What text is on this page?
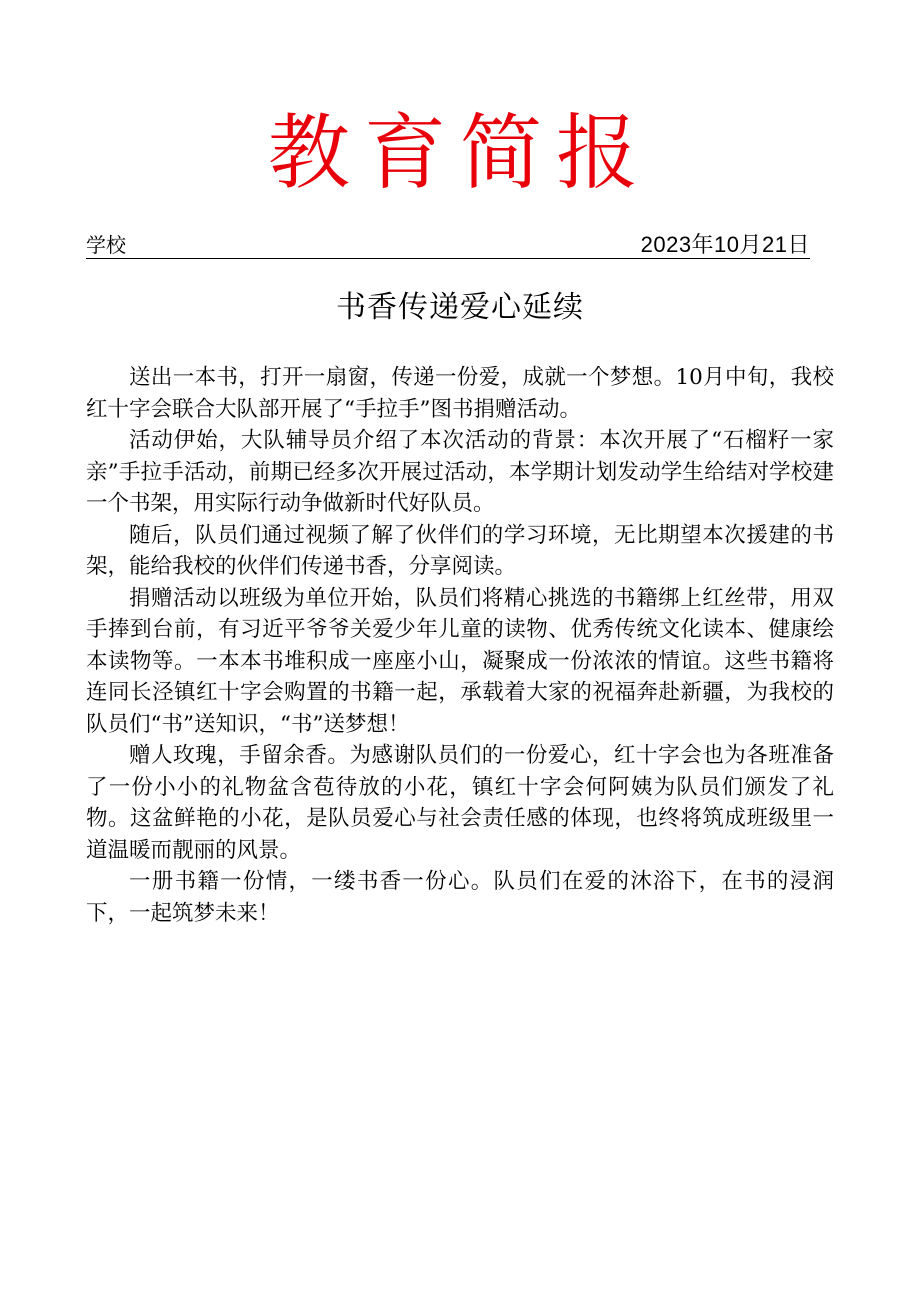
教育简报
学校	2023年10月21日
书香传递爱心延续

送出一本书，打开一扇窗，传递一份爱，成就一个梦想。10月中旬，我校红十字会联合大队部开展了“手拉手”图书捐赠活动。

活动伊始，大队辅导员介绍了本次活动的背景：本次开展了“石榴籽一家亲”手拉手活动，前期已经多次开展过活动，本学期计划发动学生给结对学校建一个书架，用实际行动争做新时代好队员。

随后，队员们通过视频了解了伙伴们的学习环境，无比期望本次援建的书架，能给我校的伙伴们传递书香，分享阅读。

捐赠活动以班级为单位开始，队员们将精心挑选的书籍绑上红丝带，用双手捧到台前，有习近平爷爷关爱少年儿童的读物、优秀传统文化读本、健康绘本读物等。一本本书堆积成一座座小山，凝聚成一份浓浓的情谊。这些书籍将连同长泾镇红十字会购置的书籍一起，承载着大家的祝福奔赴新疆，为我校的队员们“书”送知识，“书”送梦想！

赠人玫瑰，手留余香。为感谢队员们的一份爱心，红十字会也为各班准备了一份小小的礼物盆含苞待放的小花，镇红十字会何阿姨为队员们颁发了礼物。这盆鲜艳的小花，是队员爱心与社会责任感的体现，也终将筑成班级里一道温暖而靓丽的风景。

一册书籍一份情，一缕书香一份心。队员们在爱的沐浴下，在书的浸润下，一起筑梦未来！
